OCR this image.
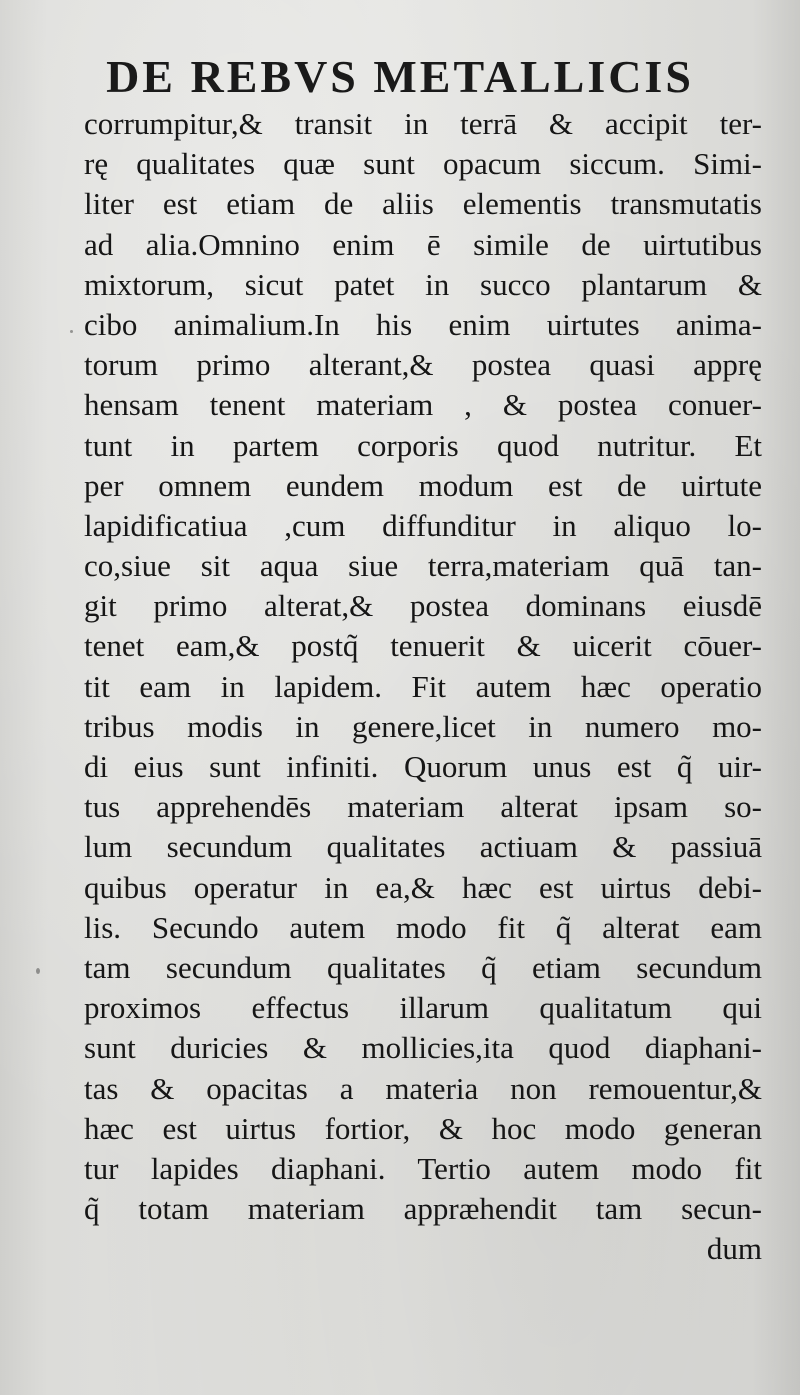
DE REBVS METALLICIS
corrumpitur,& transit in terrā & accipit ter-
rę qualitates quæ sunt opacum siccum. Simi-
liter est etiam de aliis elementis transmutatis
ad alia.Omnino enim ē simile de uirtutibus
mixtorum, sicut patet in succo plantarum &
cibo animalium.In his enim uirtutes anima-
torum primo alterant,& postea quasi apprę
hensam tenent materiam , & postea conuer-
tunt in partem corporis quod nutritur. Et
per omnem eundem modum est de uirtute
lapidificatiua ,cum diffunditur in aliquo lo-
co,siue sit aqua siue terra,materiam quā tan-
git primo alterat,& postea dominans eiusdē
tenet eam,& postq̃ tenuerit & uicerit cōuer-
tit eam in lapidem. Fit autem hæc operatio
tribus modis in genere,licet in numero mo-
di eius sunt infiniti. Quorum unus est q̃ uir-
tus apprehendēs materiam alterat ipsam so-
lum secundum qualitates actiuam & passiuā
quibus operatur in ea,& hæc est uirtus debi-
lis. Secundo autem modo fit q̃ alterat eam
tam secundum qualitates q̃ etiam secundum
proximos effectus illarum qualitatum qui
sunt duricies & mollicies,ita quod diaphani-
tas & opacitas a materia non remouentur,&
hæc est uirtus fortior, & hoc modo generan
tur lapides diaphani. Tertio autem modo fit
q̃ totam materiam appræhendit tam secun-
dum
